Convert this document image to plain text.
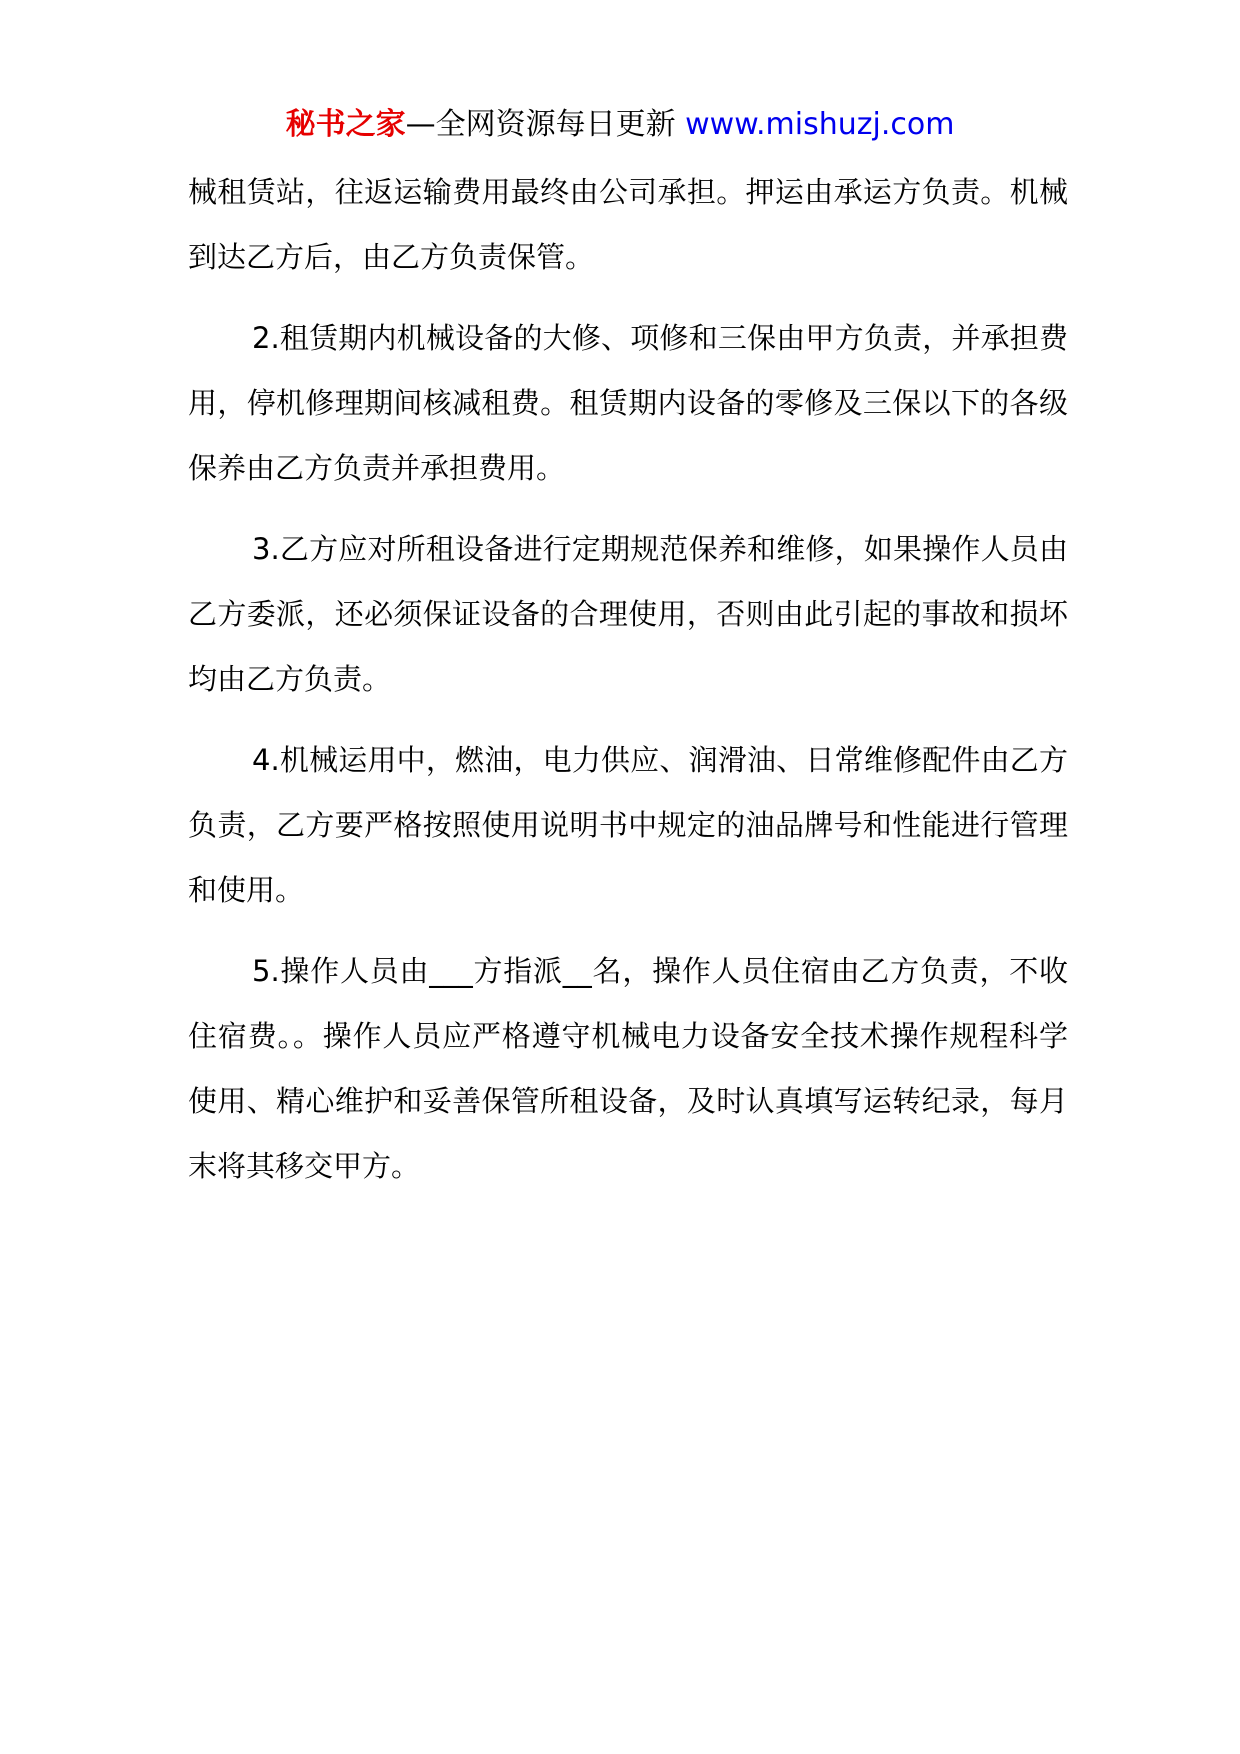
秘书之家—全网资源每日更新 www.mishuzj.com

械租赁站，往返运输费用最终由公司承担。押运由承运方负责。机械到达乙方后，由乙方负责保管。

2.租赁期内机械设备的大修、项修和三保由甲方负责，并承担费用，停机修理期间核减租费。租赁期内设备的零修及三保以下的各级保养由乙方负责并承担费用。

3.乙方应对所租设备进行定期规范保养和维修，如果操作人员由乙方委派，还必须保证设备的合理使用，否则由此引起的事故和损坏均由乙方负责。

4.机械运用中，燃油，电力供应、润滑油、日常维修配件由乙方负责，乙方要严格按照使用说明书中规定的油品牌号和性能进行管理和使用。

5.操作人员由___方指派__名，操作人员住宿由乙方负责，不收住宿费。。操作人员应严格遵守机械电力设备安全技术操作规程科学使用、精心维护和妥善保管所租设备，及时认真填写运转纪录，每月末将其移交甲方。
